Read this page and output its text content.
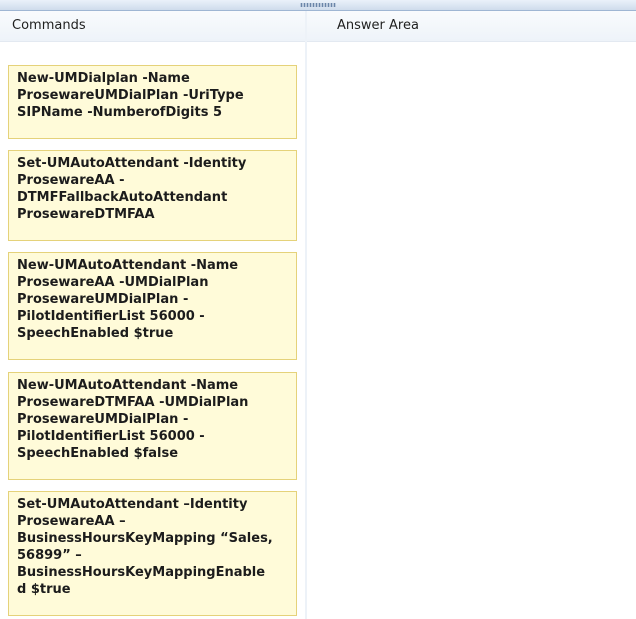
Commands
New-UMDialplan -Name
ProsewareUMDialPlan -UriType
SIPName -NumberofDigits 5
Set-UMAutoAttendant -Identity
ProsewareAA -
DTMFFallbackAutoAttendant
ProsewareDTMFAA
New-UMAutoAttendant -Name
ProsewareAA -UMDialPlan
ProsewareUMDialPlan -
PilotIdentifierList 56000 -
SpeechEnabled $true
New-UMAutoAttendant -Name
ProsewareDTMFAA -UMDialPlan
ProsewareUMDialPlan -
PilotIdentifierList 56000 -
SpeechEnabled $false
Set-UMAutoAttendant –Identity
ProsewareAA –
BusinessHoursKeyMapping “Sales,
56899” –
BusinessHoursKeyMappingEnable
d $true
Answer Area
